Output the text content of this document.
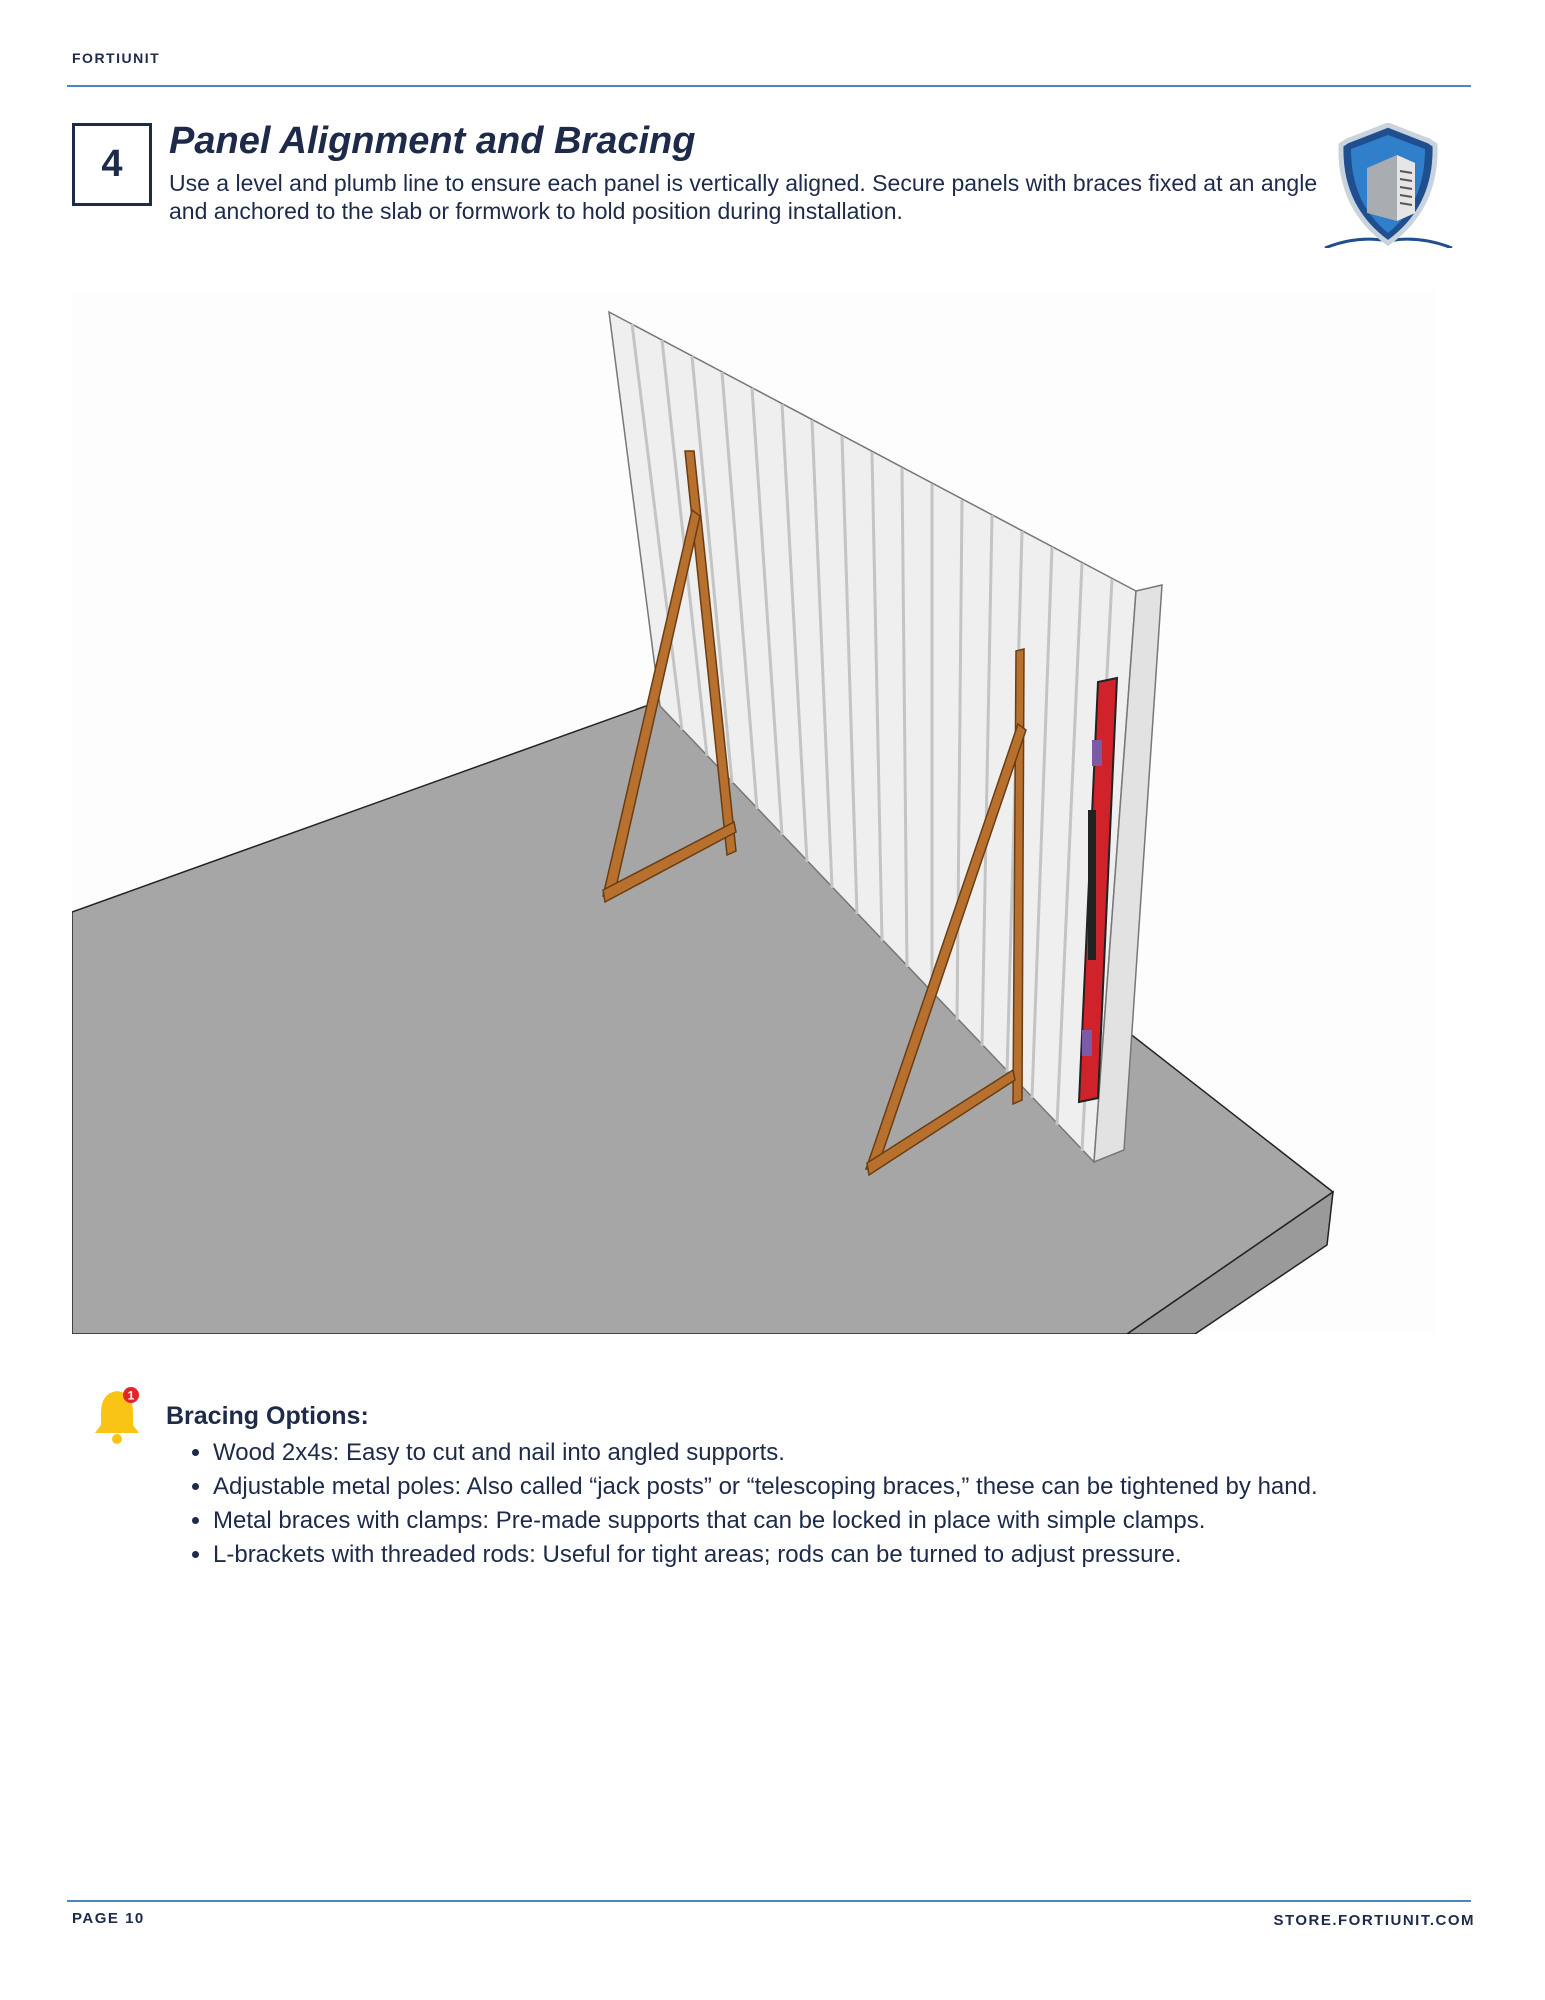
FORTIUNIT
4
Panel Alignment and Bracing
Use a level and plumb line to ensure each panel is vertically aligned. Secure panels with braces fixed at an angle and anchored to the slab or formwork to hold position during installation.
1
Bracing Options:
• Wood 2x4s: Easy to cut and nail into angled supports.
• Adjustable metal poles: Also called “jack posts” or “telescoping braces,” these can be tightened by hand.
• Metal braces with clamps: Pre-made supports that can be locked in place with simple clamps.
• L-brackets with threaded rods: Useful for tight areas; rods can be turned to adjust pressure.
PAGE 10	STORE.FORTIUNIT.COM
